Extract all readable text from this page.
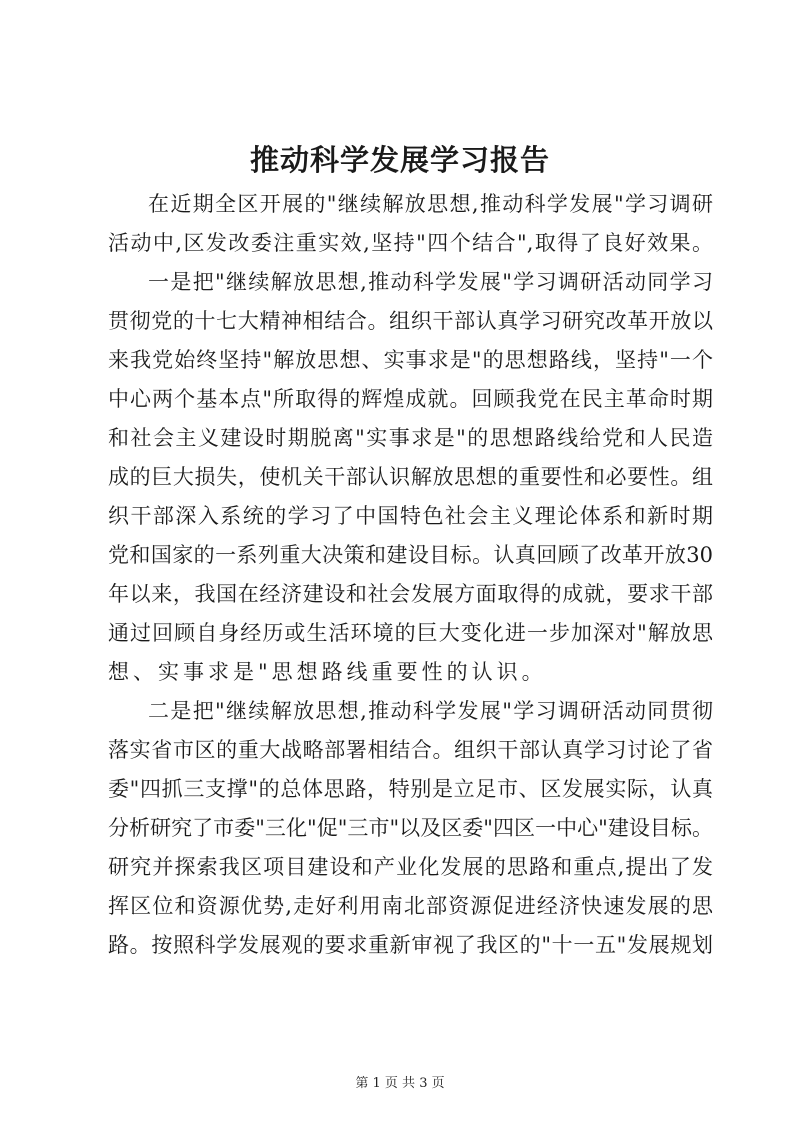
推动科学发展学习报告
在近期全区开展的"继续解放思想,推动科学发展"学习调研
活动中,区发改委注重实效,坚持"四个结合",取得了良好效果。
一是把"继续解放思想,推动科学发展"学习调研活动同学习
贯彻党的十七大精神相结合。组织干部认真学习研究改革开放以
来我党始终坚持"解放思想、实事求是"的思想路线，坚持"一个
中心两个基本点"所取得的辉煌成就。回顾我党在民主革命时期
和社会主义建设时期脱离"实事求是"的思想路线给党和人民造
成的巨大损失，使机关干部认识解放思想的重要性和必要性。组
织干部深入系统的学习了中国特色社会主义理论体系和新时期
党和国家的一系列重大决策和建设目标。认真回顾了改革开放30
年以来，我国在经济建设和社会发展方面取得的成就，要求干部
通过回顾自身经历或生活环境的巨大变化进一步加深对"解放思
想、实事求是"思想路线重要性的认识。
二是把"继续解放思想,推动科学发展"学习调研活动同贯彻
落实省市区的重大战略部署相结合。组织干部认真学习讨论了省
委"四抓三支撑"的总体思路，特别是立足市、区发展实际，认真
分析研究了市委"三化"促"三市"以及区委"四区一中心"建设目标。
研究并探索我区项目建设和产业化发展的思路和重点,提出了发
挥区位和资源优势,走好利用南北部资源促进经济快速发展的思
路。按照科学发展观的要求重新审视了我区的"十一五"发展规划
第 1 页 共 3 页
